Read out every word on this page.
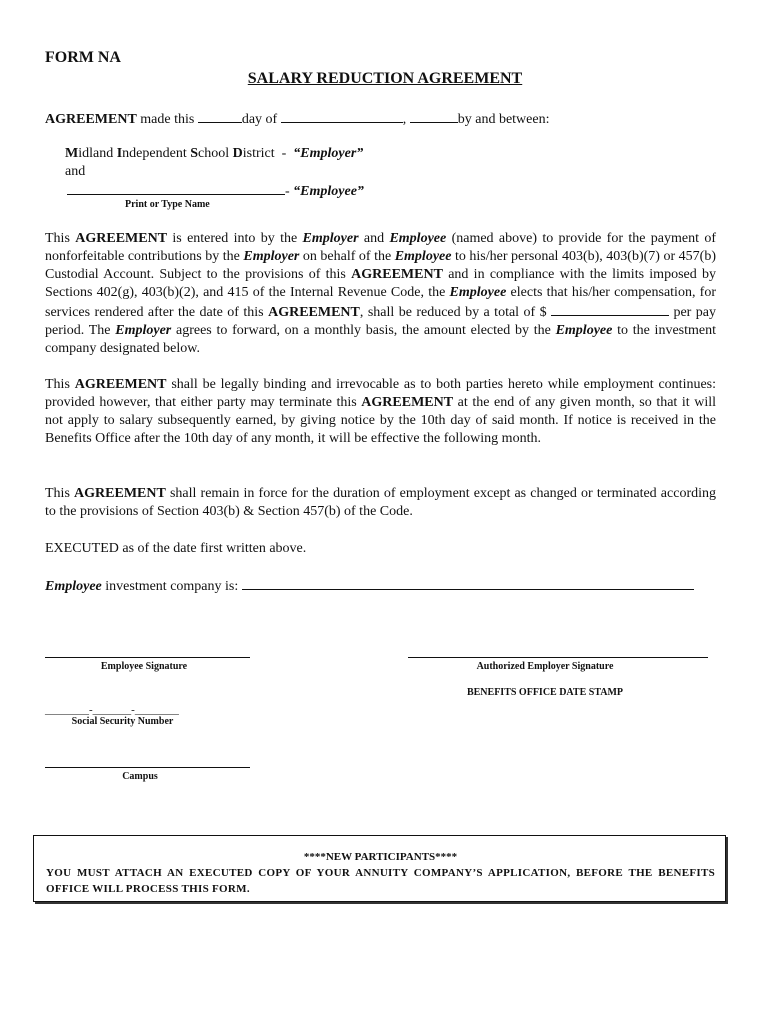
FORM NA
SALARY REDUCTION AGREEMENT
AGREEMENT made this	day of	,	by and between:
Midland Independent School District  -  “Employer”
and
- “Employee”
Print or Type Name
This AGREEMENT is entered into by the Employer and Employee (named above) to provide for the payment of nonforfeitable contributions by the Employer on behalf of the Employee to his/her personal 403(b), 403(b)(7) or 457(b) Custodial Account. Subject to the provisions of this AGREEMENT and in compliance with the limits imposed by Sections 402(g), 403(b)(2), and 415 of the Internal Revenue Code, the Employee elects that his/her compensation, for services rendered after the date of this AGREEMENT, shall be reduced by a total of $	per pay period. The Employer agrees to forward, on a monthly basis, the amount elected by the Employee to the investment company designated below.
This AGREEMENT shall be legally binding and irrevocable as to both parties hereto while employment continues: provided however, that either party may terminate this AGREEMENT at the end of any given month, so that it will not apply to salary subsequently earned, by giving notice by the 10th day of said month. If notice is received in the Benefits Office after the 10th day of any month, it will be effective the following month.
This AGREEMENT shall remain in force for the duration of employment except as changed or terminated according to the provisions of Section 403(b) & Section 457(b) of the Code.
EXECUTED as of the date first written above.
Employee investment company is:
Employee Signature
________-_______-________
Social Security Number
Campus
Authorized Employer Signature
BENEFITS OFFICE DATE STAMP
****NEW PARTICIPANTS****
YOU MUST ATTACH AN EXECUTED COPY OF YOUR ANNUITY COMPANY’S APPLICATION, BEFORE THE BENEFITS OFFICE WILL PROCESS THIS FORM.
